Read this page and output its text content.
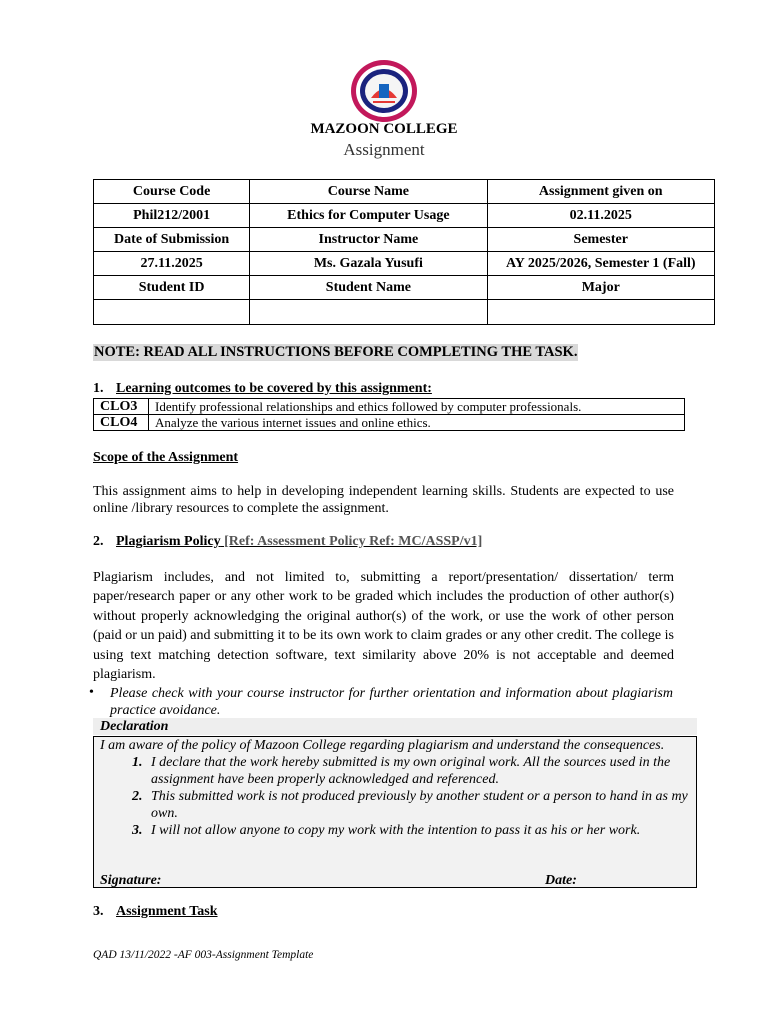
MAZOON COLLEGE
Assignment
Course Code	Course Name	Assignment given on
Phil212/2001	Ethics for Computer Usage	02.11.2025
Date of Submission	Instructor Name	Semester
27.11.2025	Ms. Gazala Yusufi	AY 2025/2026, Semester 1 (Fall)
Student ID	Student Name	Major

NOTE: READ ALL INSTRUCTIONS BEFORE COMPLETING THE TASK.
1. Learning outcomes to be covered by this assignment:
CLO3	Identify professional relationships and ethics followed by computer professionals.
CLO4	Analyze the various internet issues and online ethics.
Scope of the Assignment
This assignment aims to help in developing independent learning skills. Students are expected to use online /library resources to complete the assignment.
2. Plagiarism Policy [Ref: Assessment Policy Ref: MC/ASSP/v1]
Plagiarism includes, and not limited to, submitting a report/presentation/ dissertation/ term paper/research paper or any other work to be graded which includes the production of other author(s) without properly acknowledging the original author(s) of the work, or use the work of other person (paid or un paid) and submitting it to be its own work to claim grades or any other credit. The college is using text matching detection software, text similarity above 20% is not acceptable and deemed plagiarism.
• Please check with your course instructor for further orientation and information about plagiarism practice avoidance.
Declaration
I am aware of the policy of Mazoon College regarding plagiarism and understand the consequences.
1. I declare that the work hereby submitted is my own original work. All the sources used in the assignment have been properly acknowledged and referenced.
2. This submitted work is not produced previously by another student or a person to hand in as my own.
3. I will not allow anyone to copy my work with the intention to pass it as his or her work.
Signature:	Date:
3. Assignment Task
QAD 13/11/2022 -AF 003-Assignment Template
